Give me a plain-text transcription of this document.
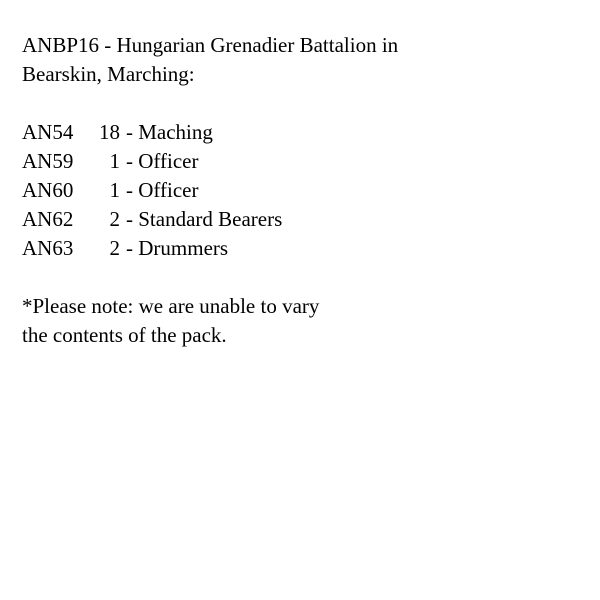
ANBP16 - Hungarian Grenadier Battalion in
Bearskin, Marching:
AN54	18 - Maching
AN59	1 - Officer
AN60	1 - Officer
AN62	2 - Standard Bearers
AN63	2 - Drummers
*Please note: we are unable to vary
the contents of the pack.
